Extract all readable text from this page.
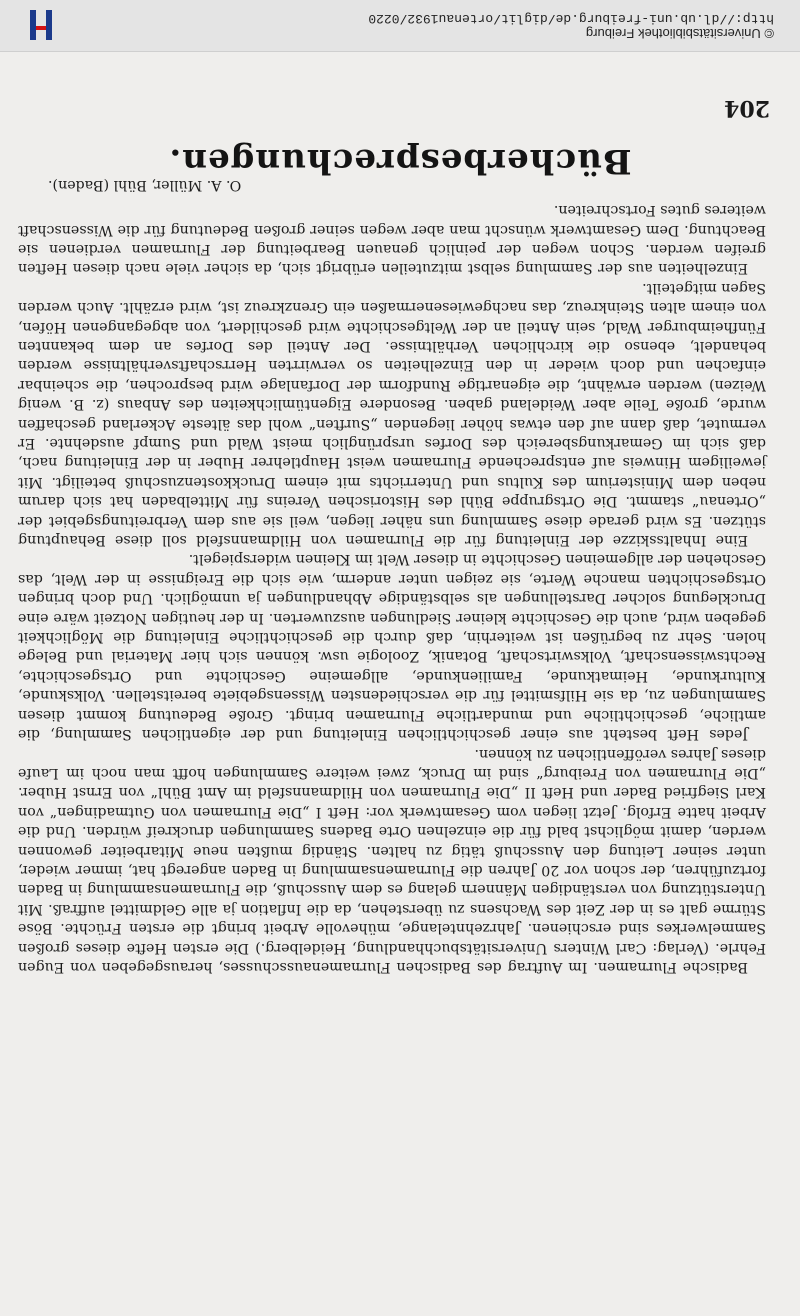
204
Bücherbesprechungen.

Badische Flurnamen. Im Auftrag des Badischen Flurnamenausschusses, herausgegeben von Eugen Fehrle. (Verlag: Carl Winters Universitätsbuchhandlung, Heidelberg.) Die ersten Hefte dieses großen Sammelwerkes sind erschienen. Jahrzehntelange, mühevolle Arbeit bringt die ersten Früchte. Böse Stürme galt es in der Zeit des Wachsens zu überstehen, da die Inflation ja alle Geldmittel auffraß. Mit Unterstützung von verständigen Männern gelang es dem Ausschuß, die Flurnamensammlung in Baden fortzuführen, der schon vor 20 Jahren die Flurnamensammlung in Baden angeregt hat, immer wieder, unter seiner Leitung den Ausschuß tätig zu halten. Ständig mußten neue Mitarbeiter gewonnen werden, damit möglichst bald für die einzelnen Orte Badens Sammlungen druckreif würden. Und die Arbeit hatte Erfolg. Jetzt liegen vom Gesamtwerk vor: Heft I „Die Flurnamen von Gutmadingen“ von Karl Siegfried Bader und Heft II „Die Flurnamen von Hildmannsfeld im Amt Bühl“ von Ernst Huber. „Die Flurnamen von Freiburg“ sind im Druck, zwei weitere Sammlungen hofft man noch im Laufe dieses Jahres veröffentlichen zu können.

Jedes Heft besteht aus einer geschichtlichen Einleitung und der eigentlichen Sammlung, die amtliche, geschichtliche und mundartliche Flurnamen bringt. Große Bedeutung kommt diesen Sammlungen zu, da sie Hilfsmittel für die verschiedensten Wissensgebiete bereitstellen. Volkskunde, Kulturkunde, Heimatkunde, Familienkunde, allgemeine Geschichte und Ortsgeschichte, Rechtswissenschaft, Volkswirtschaft, Botanik, Zoologie usw. können sich hier Material und Belege holen. Sehr zu begrüßen ist weiterhin, daß durch die geschichtliche Einleitung die Möglichkeit gegeben wird, auch die Geschichte kleiner Siedlungen auszuwerten. In der heutigen Notzeit wäre eine Drucklegung solcher Darstellungen als selbständige Abhandlungen ja unmöglich. Und doch bringen Ortsgeschichten manche Werte, sie zeigen unter anderm, wie sich die Ereignisse in der Welt, das Geschehen der allgemeinen Geschichte in dieser Welt im Kleinen widerspiegelt.

Eine Inhaltsskizze der Einleitung für die Flurnamen von Hildmannsfeld soll diese Behauptung stützen. Es wird gerade diese Sammlung uns näher liegen, weil sie aus dem Verbreitungsgebiet der „Ortenau“ stammt. Die Ortsgruppe Bühl des Historischen Vereins für Mittelbaden hat sich darum neben dem Ministerium des Kultus und Unterrichts mit einem Druckkostenzuschuß beteiligt. Mit jeweiligem Hinweis auf entsprechende Flurnamen weist Hauptlehrer Huber in der Einleitung nach, daß sich im Gemarkungsbereich des Dorfes ursprünglich meist Wald und Sumpf ausdehnte. Er vermutet, daß dann auf den etwas höher liegenden „Surften“ wohl das älteste Ackerland geschaffen wurde, große Teile aber Weideland gaben. Besondere Eigentümlichkeiten des Anbaus (z. B. wenig Weizen) werden erwähnt, die eigenartige Rundform der Dorfanlage wird besprochen, die scheinbar einfachen und doch wieder in den Einzelheiten so verwirrten Herrschaftsverhältnisse werden behandelt, ebenso die kirchlichen Verhältnisse. Der Anteil des Dorfes an dem bekannten Fünfheimburger Wald, sein Anteil an der Weltgeschichte wird geschildert, von abgegangenen Höfen, von einem alten Steinkreuz, das nachgewiesenermaßen ein Grenzkreuz ist, wird erzählt. Auch werden Sagen mitgeteilt.

Einzelheiten aus der Sammlung selbst mitzuteilen erübrigt sich, da sicher viele nach diesen Heften greifen werden. Schon wegen der peinlich genauen Bearbeitung der Flurnamen verdienen sie Beachtung. Dem Gesamtwerk wünscht man aber wegen seiner großen Bedeutung für die Wissenschaft weiteres gutes Fortschreiten.

O. A. Müller, Bühl (Baden).
© Universitätsbibliothek Freiburg
http://dl.ub.uni-freiburg.de/diglit/ortenau1932/0220
